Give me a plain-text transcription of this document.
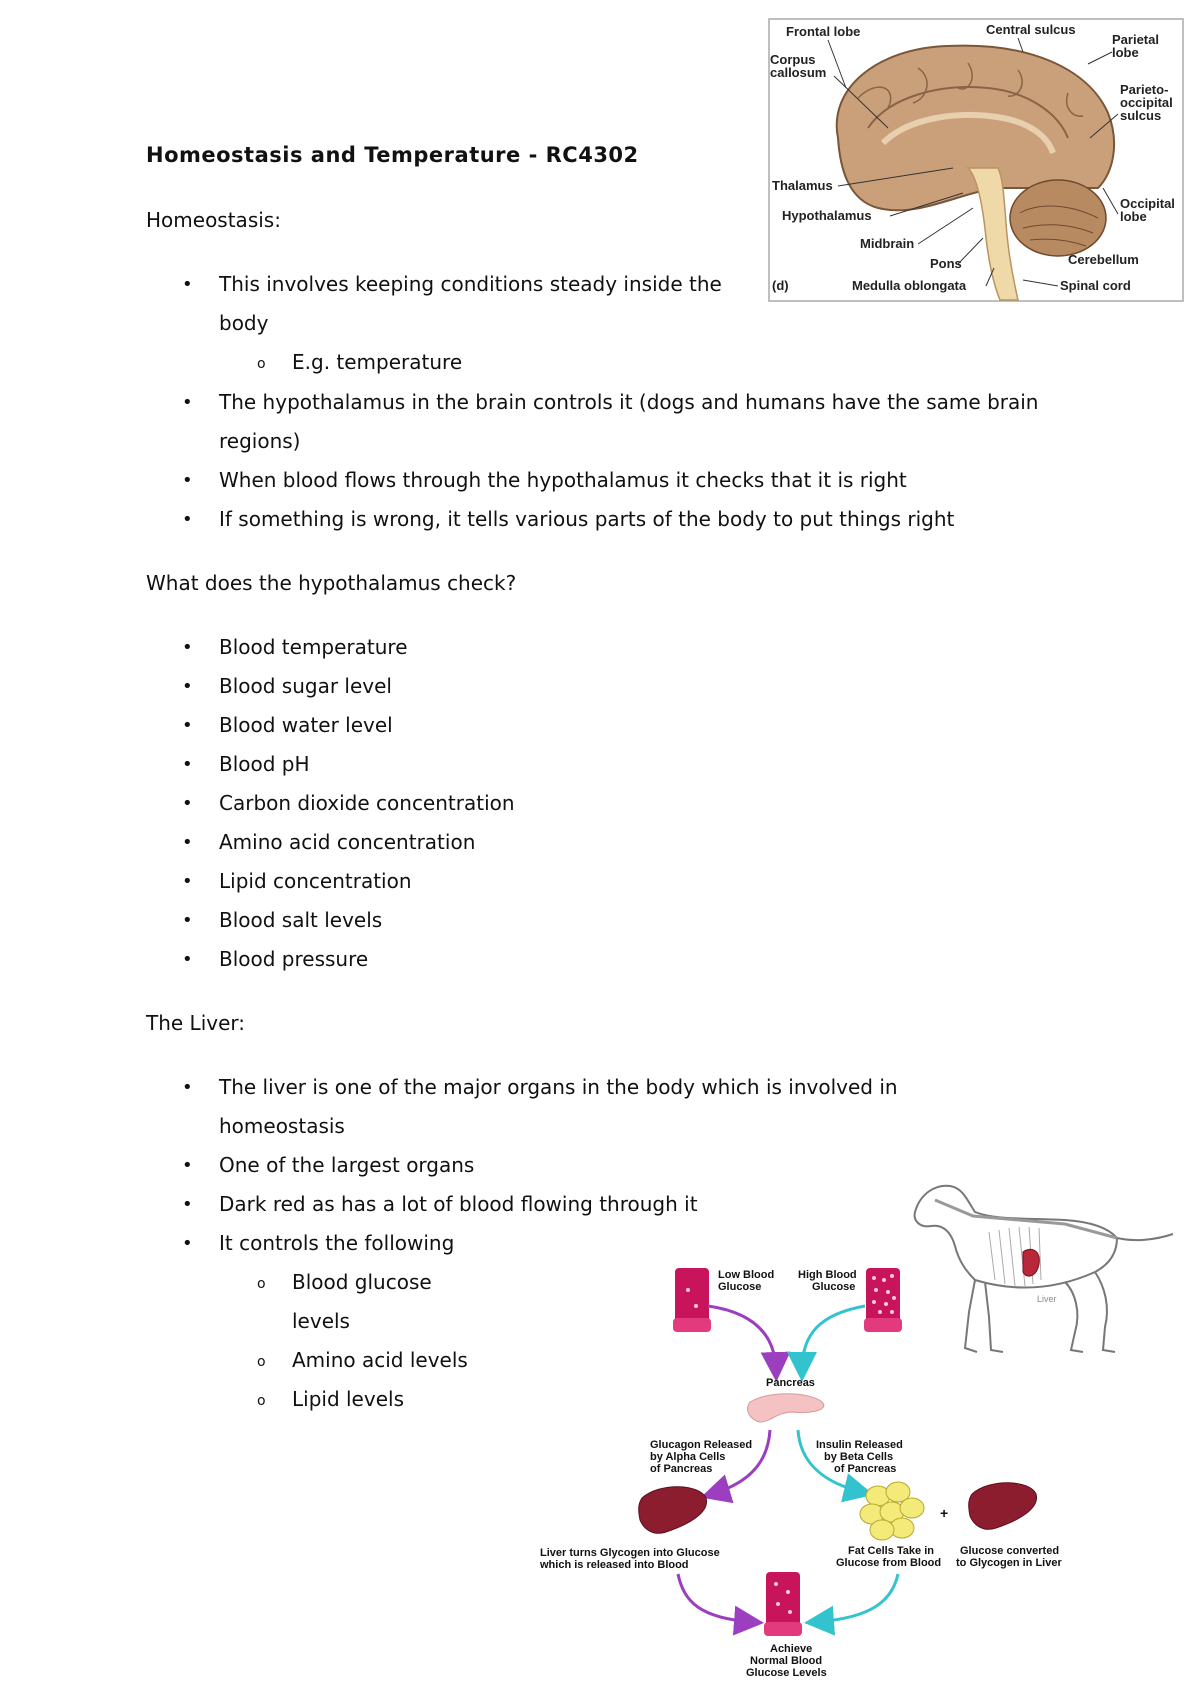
Homeostasis and Temperature - RC4302
Homeostasis:
• This involves keeping conditions steady inside the body
o E.g. temperature
• The hypothalamus in the brain controls it (dogs and humans have the same brain regions)
• When blood flows through the hypothalamus it checks that it is right
• If something is wrong, it tells various parts of the body to put things right
What does the hypothalamus check?
• Blood temperature
• Blood sugar level
• Blood water level
• Blood pH
• Carbon dioxide concentration
• Amino acid concentration
• Lipid concentration
• Blood salt levels
• Blood pressure
The Liver:
• The liver is one of the major organs in the body which is involved in homeostasis
• One of the largest organs
• Dark red as has a lot of blood flowing through it
• It controls the following
o Blood glucose levels
o Amino acid levels
o Lipid levels
Frontal lobe	Central sulcus
Parietal
lobe
Corpus
callosum
Parieto-
occipital
sulcus
Thalamus
Occipital
lobe
Hypothalamus
Midbrain
Cerebellum
Pons
(d)	Medulla oblongata	Spinal cord
Liver
Low Blood
Glucose
High Blood
Glucose
Pancreas
Glucagon Released
by Alpha Cells
of Pancreas
Insulin Released
by Beta Cells
of Pancreas
+
Liver turns Glycogen into Glucose
which is released into Blood
Fat Cells Take in
Glucose from Blood
Glucose converted
to Glycogen in Liver
Achieve
Normal Blood
Glucose Levels
